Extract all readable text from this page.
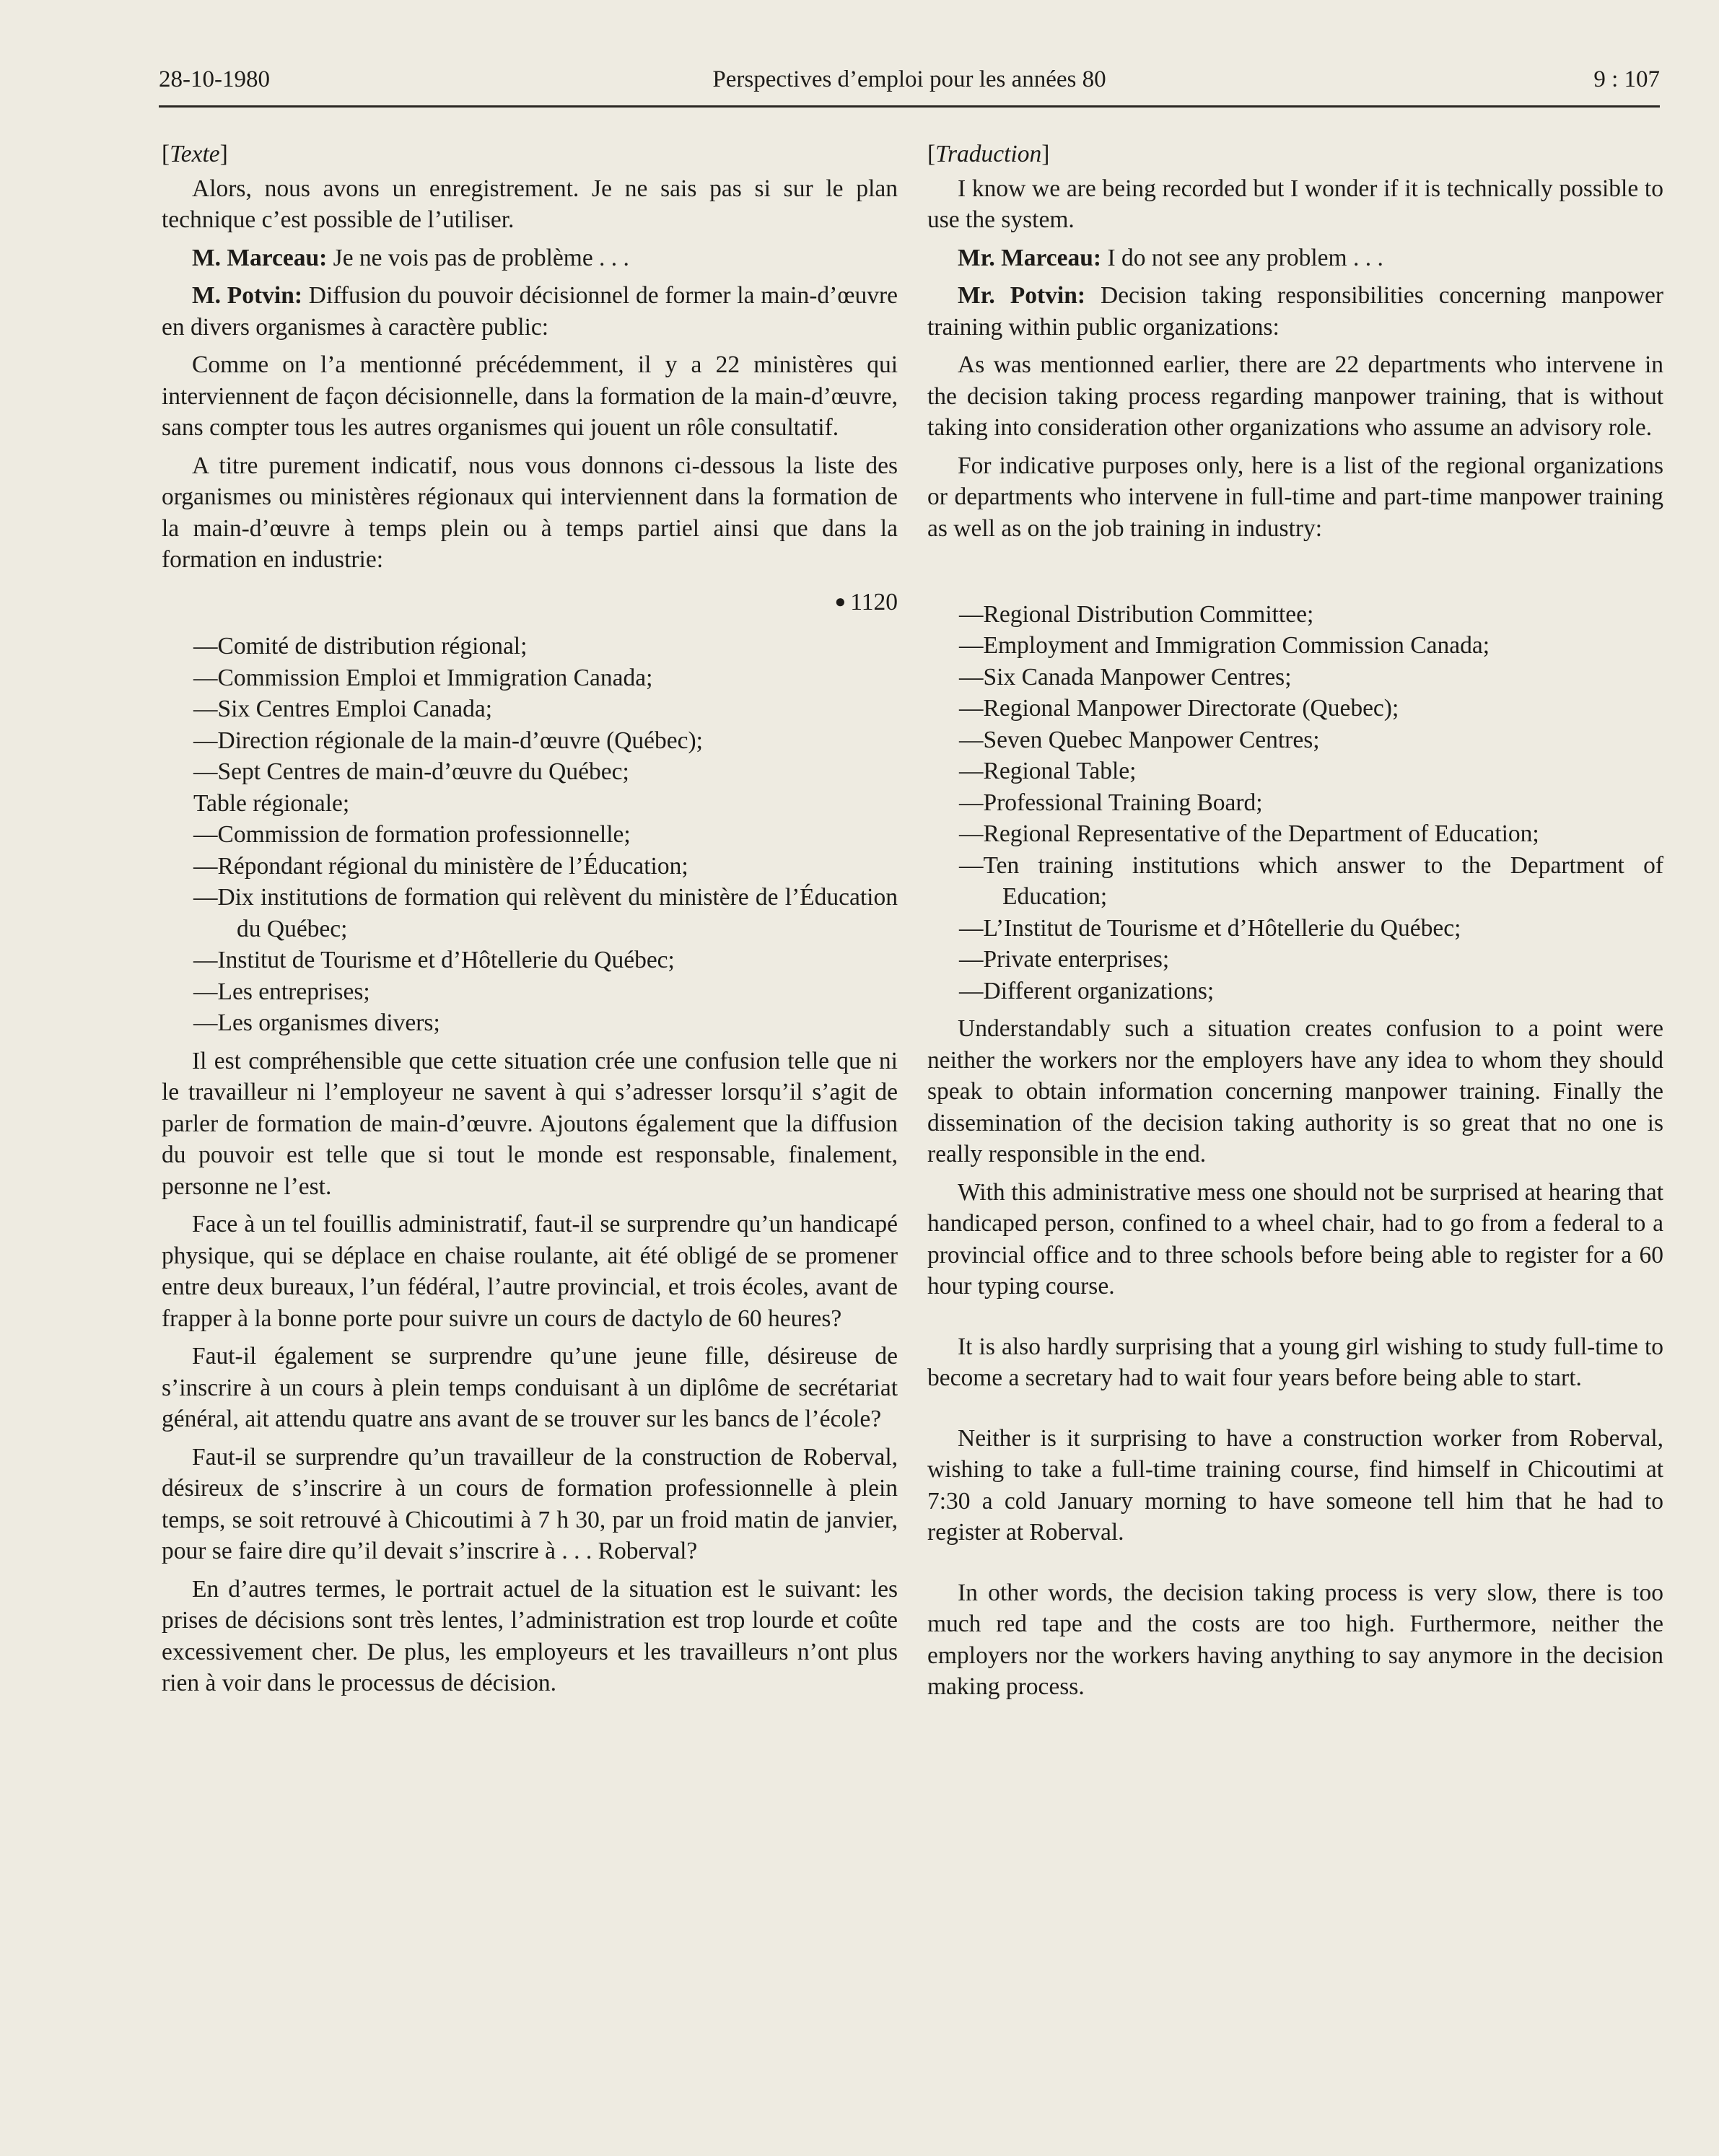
28-10-1980	Perspectives d’emploi pour les années 80	9 : 107

[Texte]

Alors, nous avons un enregistrement. Je ne sais pas si sur le plan technique c’est possible de l’utiliser.

M. Marceau: Je ne vois pas de problème . . .

M. Potvin: Diffusion du pouvoir décisionnel de former la main-d’œuvre en divers organismes à caractère public:

Comme on l’a mentionné précédemment, il y a 22 ministères qui interviennent de façon décisionnelle, dans la formation de la main-d’œuvre, sans compter tous les autres organismes qui jouent un rôle consultatif.

A titre purement indicatif, nous vous donnons ci-dessous la liste des organismes ou ministères régionaux qui interviennent dans la formation de la main-d’œuvre à temps plein ou à temps partiel ainsi que dans la formation en industrie:

● 1120

—Comité de distribution régional;
—Commission Emploi et Immigration Canada;
—Six Centres Emploi Canada;
—Direction régionale de la main-d’œuvre (Québec);
—Sept Centres de main-d’œuvre du Québec;
Table régionale;
—Commission de formation professionnelle;
—Répondant régional du ministère de l’Éducation;
—Dix institutions de formation qui relèvent du ministère de l’Éducation du Québec;
—Institut de Tourisme et d’Hôtellerie du Québec;
—Les entreprises;
—Les organismes divers;

Il est compréhensible que cette situation crée une confusion telle que ni le travailleur ni l’employeur ne savent à qui s’adresser lorsqu’il s’agit de parler de formation de main-d’œuvre. Ajoutons également que la diffusion du pouvoir est telle que si tout le monde est responsable, finalement, personne ne l’est.

Face à un tel fouillis administratif, faut-il se surprendre qu’un handicapé physique, qui se déplace en chaise roulante, ait été obligé de se promener entre deux bureaux, l’un fédéral, l’autre provincial, et trois écoles, avant de frapper à la bonne porte pour suivre un cours de dactylo de 60 heures?

Faut-il également se surprendre qu’une jeune fille, désireuse de s’inscrire à un cours à plein temps conduisant à un diplôme de secrétariat général, ait attendu quatre ans avant de se trouver sur les bancs de l’école?

Faut-il se surprendre qu’un travailleur de la construction de Roberval, désireux de s’inscrire à un cours de formation professionnelle à plein temps, se soit retrouvé à Chicoutimi à 7 h 30, par un froid matin de janvier, pour se faire dire qu’il devait s’inscrire à . . . Roberval?

En d’autres termes, le portrait actuel de la situation est le suivant: les prises de décisions sont très lentes, l’administration est trop lourde et coûte excessivement cher. De plus, les employeurs et les travailleurs n’ont plus rien à voir dans le processus de décision.

[Traduction]

I know we are being recorded but I wonder if it is technically possible to use the system.

Mr. Marceau: I do not see any problem . . .

Mr. Potvin: Decision taking responsibilities concerning manpower training within public organizations:

As was mentionned earlier, there are 22 departments who intervene in the decision taking process regarding manpower training, that is without taking into consideration other organizations who assume an advisory role.

For indicative purposes only, here is a list of the regional organizations or departments who intervene in full-time and part-time manpower training as well as on the job training in industry:

—Regional Distribution Committee;
—Employment and Immigration Commission Canada;
—Six Canada Manpower Centres;
—Regional Manpower Directorate (Quebec);
—Seven Quebec Manpower Centres;
—Regional Table;
—Professional Training Board;
—Regional Representative of the Department of Education;
—Ten training institutions which answer to the Department of Education;
—L’Institut de Tourisme et d’Hôtellerie du Québec;
—Private enterprises;
—Different organizations;

Understandably such a situation creates confusion to a point were neither the workers nor the employers have any idea to whom they should speak to obtain information concerning manpower training. Finally the dissemination of the decision taking authority is so great that no one is really responsible in the end.

With this administrative mess one should not be surprised at hearing that handicaped person, confined to a wheel chair, had to go from a federal to a provincial office and to three schools before being able to register for a 60 hour typing course.

It is also hardly surprising that a young girl wishing to study full-time to become a secretary had to wait four years before being able to start.

Neither is it surprising to have a construction worker from Roberval, wishing to take a full-time training course, find himself in Chicoutimi at 7:30 a cold January morning to have someone tell him that he had to register at Roberval.

In other words, the decision taking process is very slow, there is too much red tape and the costs are too high. Furthermore, neither the employers nor the workers having anything to say anymore in the decision making process.
